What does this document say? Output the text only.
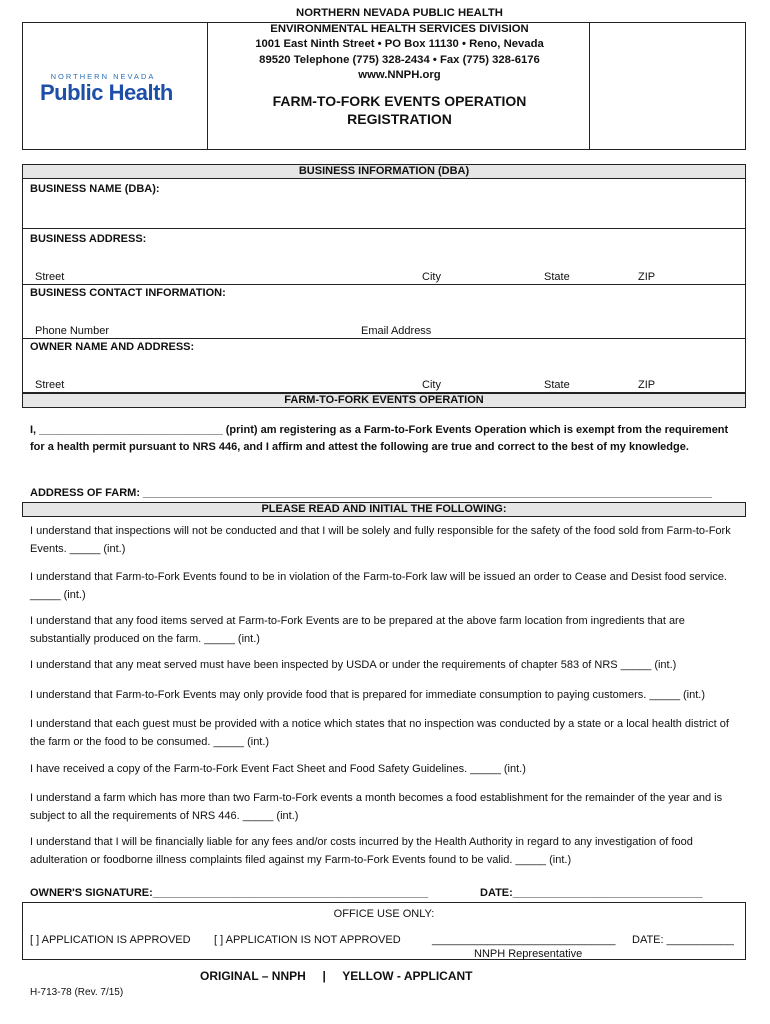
NORTHERN NEVADA
Public Health
NORTHERN NEVADA PUBLIC HEALTH
ENVIRONMENTAL HEALTH SERVICES DIVISION
1001 East Ninth Street • PO Box 11130 • Reno, Nevada
89520 Telephone (775) 328-2434 • Fax (775) 328-6176
www.NNPH.org
FARM-TO-FORK EVENTS OPERATION
REGISTRATION
BUSINESS INFORMATION (DBA)
BUSINESS NAME (DBA):
BUSINESS ADDRESS:
Street	City	State	ZIP
BUSINESS CONTACT INFORMATION:
Phone Number	Email Address
OWNER NAME AND ADDRESS:
Street	City	State	ZIP
FARM-TO-FORK EVENTS OPERATION
I, ______________________________ (print) am registering as a Farm-to-Fork Events Operation which is exempt from the requirement for a health permit pursuant to NRS 446, and I affirm and attest the following are true and correct to the best of my knowledge.
ADDRESS OF FARM: _____________________________________________________________________________________________
PLEASE READ AND INITIAL THE FOLLOWING:
I understand that inspections will not be conducted and that I will be solely and fully responsible for the safety of the food sold from Farm-to-Fork Events. _____ (int.)
I understand that Farm-to-Fork Events found to be in violation of the Farm-to-Fork law will be issued an order to Cease and Desist food service. _____ (int.)
I understand that any food items served at Farm-to-Fork Events are to be prepared at the above farm location from ingredients that are substantially produced on the farm. _____ (int.)
I understand that any meat served must have been inspected by USDA or under the requirements of chapter 583 of NRS _____ (int.)
I understand that Farm-to-Fork Events may only provide food that is prepared for immediate consumption to paying customers. _____ (int.)
I understand that each guest must be provided with a notice which states that no inspection was conducted by a state or a local health district of the farm or the food to be consumed. _____ (int.)
I have received a copy of the Farm-to-Fork Event Fact Sheet and Food Safety Guidelines. _____ (int.)
I understand a farm which has more than two Farm-to-Fork events a month becomes a food establishment for the remainder of the year and is subject to all the requirements of NRS 446. _____ (int.)
I understand that I will be financially liable for any fees and/or costs incurred by the Health Authority in regard to any investigation of food adulteration or foodborne illness complaints filed against my Farm-to-Fork Events found to be valid. _____ (int.)
OWNER'S SIGNATURE:_____________________________________________	DATE:_______________________________
OFFICE USE ONLY:
[ ] APPLICATION IS APPROVED [ ] APPLICATION IS NOT APPROVED	______________________________ DATE: ___________
NNPH Representative
ORIGINAL – NNPH     |     YELLOW - APPLICANT
H-713-78 (Rev. 7/15)
